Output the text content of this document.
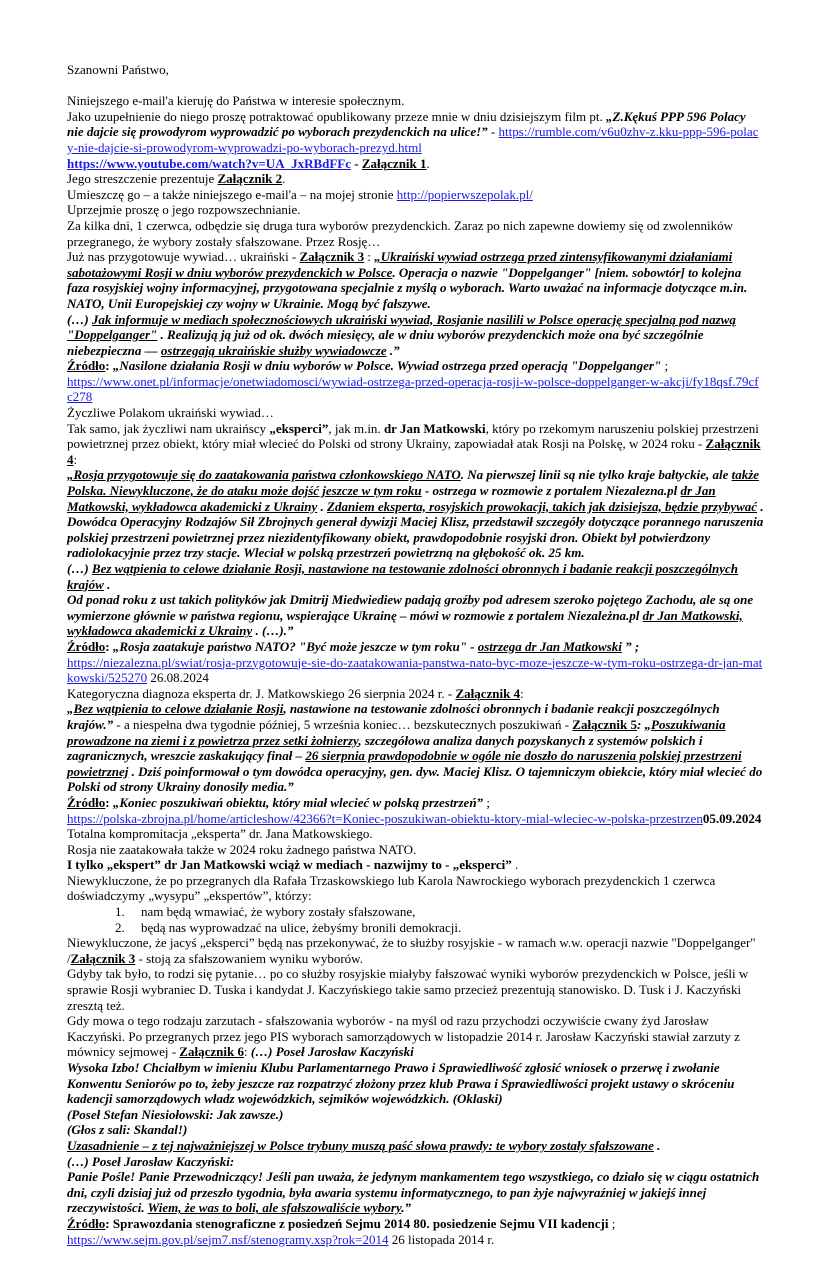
Szanowni Państwo,

Niniejszego e-mail'a kieruję do Państwa w interesie społecznym.

Jako uzupełnienie do niego proszę potraktować opublikowany przeze mnie w dniu dzisiejszym film pt. „Z.Kękuś PPP 596 Polacy nie dajcie się prowodyrom wyprowadzić po wyborach prezydenckich na ulice!” - https://rumble.com/v6u0zhv-z.kku-ppp-596-polacy-nie-dajcie-si-prowodyrom-wyprowadzi-po-wyborach-prezyd.html

https://www.youtube.com/watch?v=UA_JxRBdFFc - Załącznik 1.

Jego streszczenie prezentuje Załącznik 2.

Umieszczę go – a także niniejszego e-mail'a – na mojej stronie http://popierwszepolak.pl/

Uprzejmie proszę o jego rozpowszechnianie.

Za kilka dni, 1 czerwca, odbędzie się druga tura wyborów prezydenckich. Zaraz po nich zapewne dowiemy się od zwolenników przegranego, że wybory zostały sfałszowane. Przez Rosję…

Już nas przygotowuje wywiad… ukraiński - Załącznik 3 : „Ukraiński wywiad ostrzega przed zintensyfikowanymi działaniami sabotażowymi Rosji w dniu wyborów prezydenckich w Polsce. Operacja o nazwie "Doppelganger" [niem. sobowtór] to kolejna faza rosyjskiej wojny informacyjnej, przygotowana specjalnie z myślą o wyborach. Warto uważać na informacje dotyczące m.in. NATO, Unii Europejskiej czy wojny w Ukrainie. Mogą być fałszywe.

(…) Jak informuje w mediach społecznościowych ukraiński wywiad, Rosjanie nasilili w Polsce operację specjalną pod nazwą "Doppelganger" . Realizują ją już od ok. dwóch miesięcy, ale w dniu wyborów prezydenckich może ona być szczególnie niebezpieczna — ostrzegają ukraińskie służby wywiadowcze .”

Źródło: „Nasilone działania Rosji w dniu wyborów w Polsce. Wywiad ostrzega przed operacją "Doppelganger" ;

https://www.onet.pl/informacje/onetwiadomosci/wywiad-ostrzega-przed-operacja-rosji-w-polsce-doppelganger-w-akcji/fy18qsf.79cfc278

Życzliwe Polakom ukraiński wywiad…

Tak samo, jak życzliwi nam ukraińscy „eksperci”, jak m.in. dr Jan Matkowski, który po rzekomym naruszeniu polskiej przestrzeni powietrznej przez obiekt, który miał wlecieć do Polski od strony Ukrainy, zapowiadał atak Rosji na Polskę, w 2024 roku - Załącznik 4:

„Rosja przygotowuje się do zaatakowania państwa członkowskiego NATO. Na pierwszej linii są nie tylko kraje bałtyckie, ale także Polska. Niewykluczone, że do ataku może dojść jeszcze w tym roku - ostrzega w rozmowie z portalem Niezalezna.pl dr Jan Matkowski, wykładowca akademicki z Ukrainy . Zdaniem eksperta, rosyjskich prowokacji, takich jak dzisiejsza, będzie przybywać .

Dowódca Operacyjny Rodzajów Sił Zbrojnych generał dywizji Maciej Klisz, przedstawił szczegóły dotyczące porannego naruszenia polskiej przestrzeni powietrznej przez niezidentyfikowany obiekt, prawdopodobnie rosyjski dron. Obiekt był potwierdzony radiolokacyjnie przez trzy stacje. Wleciał w polską przestrzeń powietrzną na głębokość ok. 25 km.

(…) Bez wątpienia to celowe działanie Rosji, nastawione na testowanie zdolności obronnych i badanie reakcji poszczególnych krajów .

Od ponad roku z ust takich polityków jak Dmitrij Miedwiediew padają groźby pod adresem szeroko pojętego Zachodu, ale są one wymierzone głównie w państwa regionu, wspierające Ukrainę – mówi w rozmowie z portalem Niezależna.pl dr Jan Matkowski, wykładowca akademicki z Ukrainy . (…).”

Źródło: „Rosja zaatakuje państwo NATO? "Być może jeszcze w tym roku" - ostrzega dr Jan Matkowski ” ;

https://niezalezna.pl/swiat/rosja-przygotowuje-sie-do-zaatakowania-panstwa-nato-byc-moze-jeszcze-w-tym-roku-ostrzega-dr-jan-matkowski/525270 26.08.2024

Kategoryczna diagnoza eksperta dr. J. Matkowskiego 26 sierpnia 2024 r. - Załącznik 4:

„Bez wątpienia to celowe działanie Rosji, nastawione na testowanie zdolności obronnych i badanie reakcji poszczególnych krajów.” - a niespełna dwa tygodnie później, 5 września koniec… bezskutecznych poszukiwań - Załącznik 5: „Poszukiwania prowadzone na ziemi i z powietrza przez setki żołnierzy, szczegółowa analiza danych pozyskanych z systemów polskich i zagranicznych, wreszcie zaskakujący finał – 26 sierpnia prawdopodobnie w ogóle nie doszło do naruszenia polskiej przestrzeni powietrznej . Dziś poinformował o tym dowódca operacyjny, gen. dyw. Maciej Klisz. O tajemniczym obiekcie, który miał wlecieć do Polski od strony Ukrainy donosiły media.”

Źródło: „Koniec poszukiwań obiektu, który miał wlecieć w polską przestrzeń” ;

https://polska-zbrojna.pl/home/articleshow/42366?t=Koniec-poszukiwan-obiektu-ktory-mial-wleciec-w-polska-przestrzen05.09.2024

Totalna kompromitacja „eksperta” dr. Jana Matkowskiego.

Rosja nie zaatakowała także w 2024 roku żadnego państwa NATO.

I tylko „ekspert” dr Jan Matkowski wciąż w mediach - nazwijmy to - „eksperci” .

Niewykluczone, że po przegranych dla Rafała Trzaskowskiego lub Karola Nawrockiego wyborach prezydenckich 1 czerwca doświadczymy „wysypu” „ekspertów”, którzy:

1.	nam będą wmawiać, że wybory zostały sfałszowane,
2.	będą nas wyprowadzać na ulice, żebyśmy bronili demokracji.

Niewykluczone, że jacyś „eksperci” będą nas przekonywać, że to służby rosyjskie - w ramach w.w. operacji nazwie "Doppelganger" /Załącznik 3 - stoją za sfałszowaniem wyniku wyborów.

Gdyby tak było, to rodzi się pytanie… po co służby rosyjskie miałyby fałszować wyniki wyborów prezydenckich w Polsce, jeśli w sprawie Rosji wybraniec D. Tuska i kandydat J. Kaczyńskiego takie samo przecież prezentują stanowisko. D. Tusk i J. Kaczyński zresztą też.

Gdy mowa o tego rodzaju zarzutach - sfałszowania wyborów - na myśl od razu przychodzi oczywiście cwany żyd Jarosław Kaczyński. Po przegranych przez jego PIS wyborach samorządowych w listopadzie 2014 r. Jarosław Kaczyński stawiał zarzuty z mównicy sejmowej - Załącznik 6: (…) Poseł Jarosław Kaczyński

Wysoka Izbo! Chciałbym w imieniu Klubu Parlamentarnego Prawo i Sprawiedliwość zgłosić wniosek o przerwę i zwołanie Konwentu Seniorów po to, żeby jeszcze raz rozpatrzyć złożony przez klub Prawa i Sprawiedliwości projekt ustawy o skróceniu kadencji samorządowych władz wojewódzkich, sejmików wojewódzkich. (Oklaski)

(Poseł Stefan Niesiołowski: Jak zawsze.)

(Głos z sali: Skandal!)

Uzasadnienie – z tej najważniejszej w Polsce trybuny muszą paść słowa prawdy: te wybory zostały sfałszowane .

(…) Poseł Jarosław Kaczyński:

Panie Pośle! Panie Przewodniczący! Jeśli pan uważa, że jedynym mankamentem tego wszystkiego, co działo się w ciągu ostatnich dni, czyli dzisiaj już od przeszło tygodnia, była awaria systemu informatycznego, to pan żyje najwyraźniej w jakiejś innej rzeczywistości. Wiem, że was to boli, ale sfałszowaliście wybory.”

Źródło: Sprawozdania stenograficzne z posiedzeń Sejmu 2014 80. posiedzenie Sejmu VII kadencji ;

https://www.sejm.gov.pl/sejm7.nsf/stenogramy.xsp?rok=2014 26 listopada 2014 r.
